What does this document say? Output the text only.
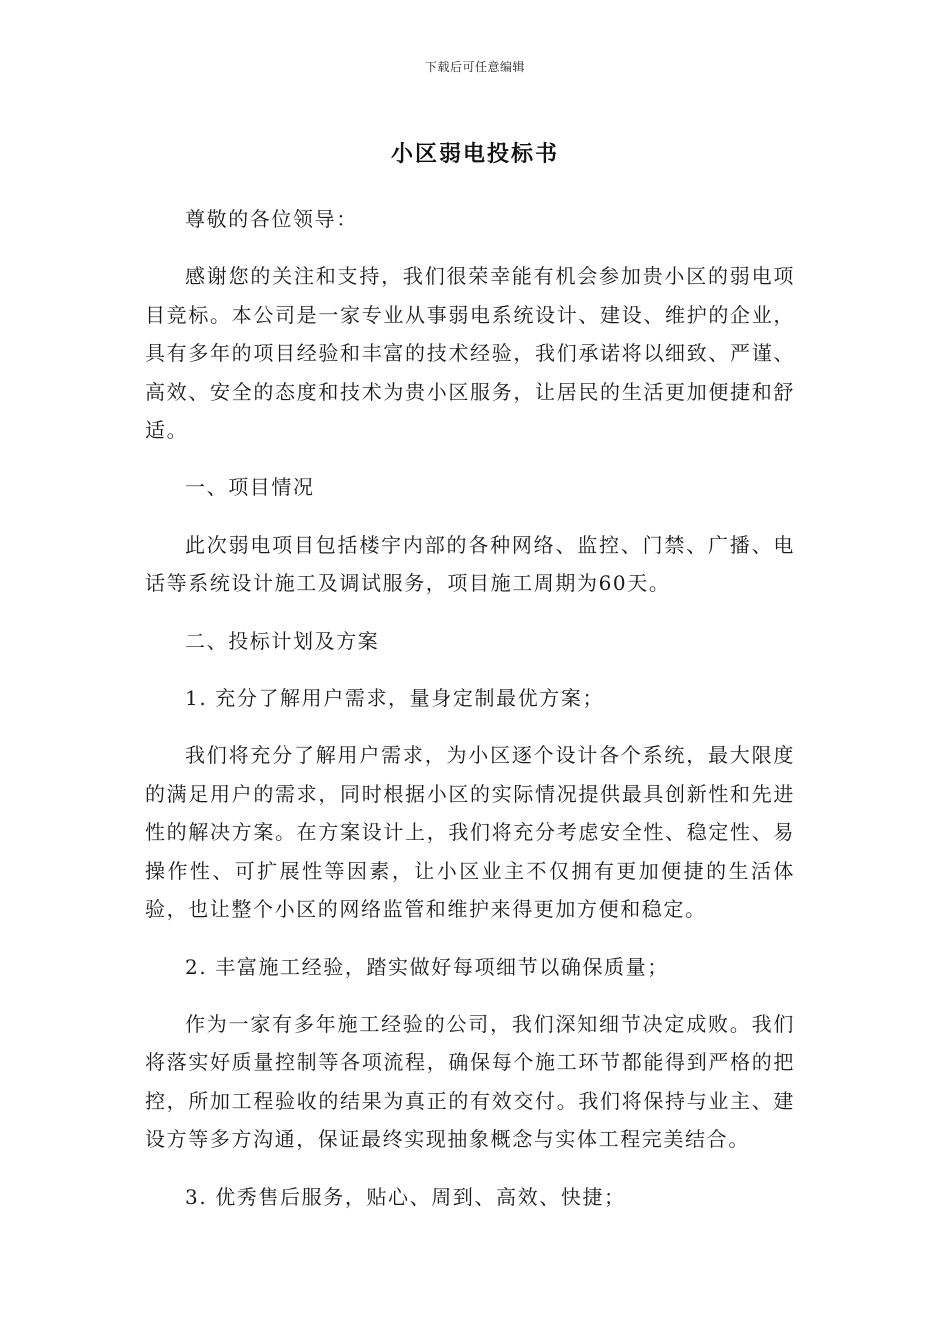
下载后可任意编辑
小区弱电投标书

尊敬的各位领导：

感谢您的关注和支持，我们很荣幸能有机会参加贵小区的弱电项目竞标。本公司是一家专业从事弱电系统设计、建设、维护的企业，具有多年的项目经验和丰富的技术经验，我们承诺将以细致、严谨、高效、安全的态度和技术为贵小区服务，让居民的生活更加便捷和舒适。

一、项目情况

此次弱电项目包括楼宇内部的各种网络、监控、门禁、广播、电话等系统设计施工及调试服务，项目施工周期为60天。

二、投标计划及方案

1. 充分了解用户需求，量身定制最优方案；

我们将充分了解用户需求，为小区逐个设计各个系统，最大限度的满足用户的需求，同时根据小区的实际情况提供最具创新性和先进性的解决方案。在方案设计上，我们将充分考虑安全性、稳定性、易操作性、可扩展性等因素，让小区业主不仅拥有更加便捷的生活体验，也让整个小区的网络监管和维护来得更加方便和稳定。

2. 丰富施工经验，踏实做好每项细节以确保质量；

作为一家有多年施工经验的公司，我们深知细节决定成败。我们将落实好质量控制等各项流程，确保每个施工环节都能得到严格的把控，所加工程验收的结果为真正的有效交付。我们将保持与业主、建设方等多方沟通，保证最终实现抽象概念与实体工程完美结合。

3. 优秀售后服务，贴心、周到、高效、快捷；
